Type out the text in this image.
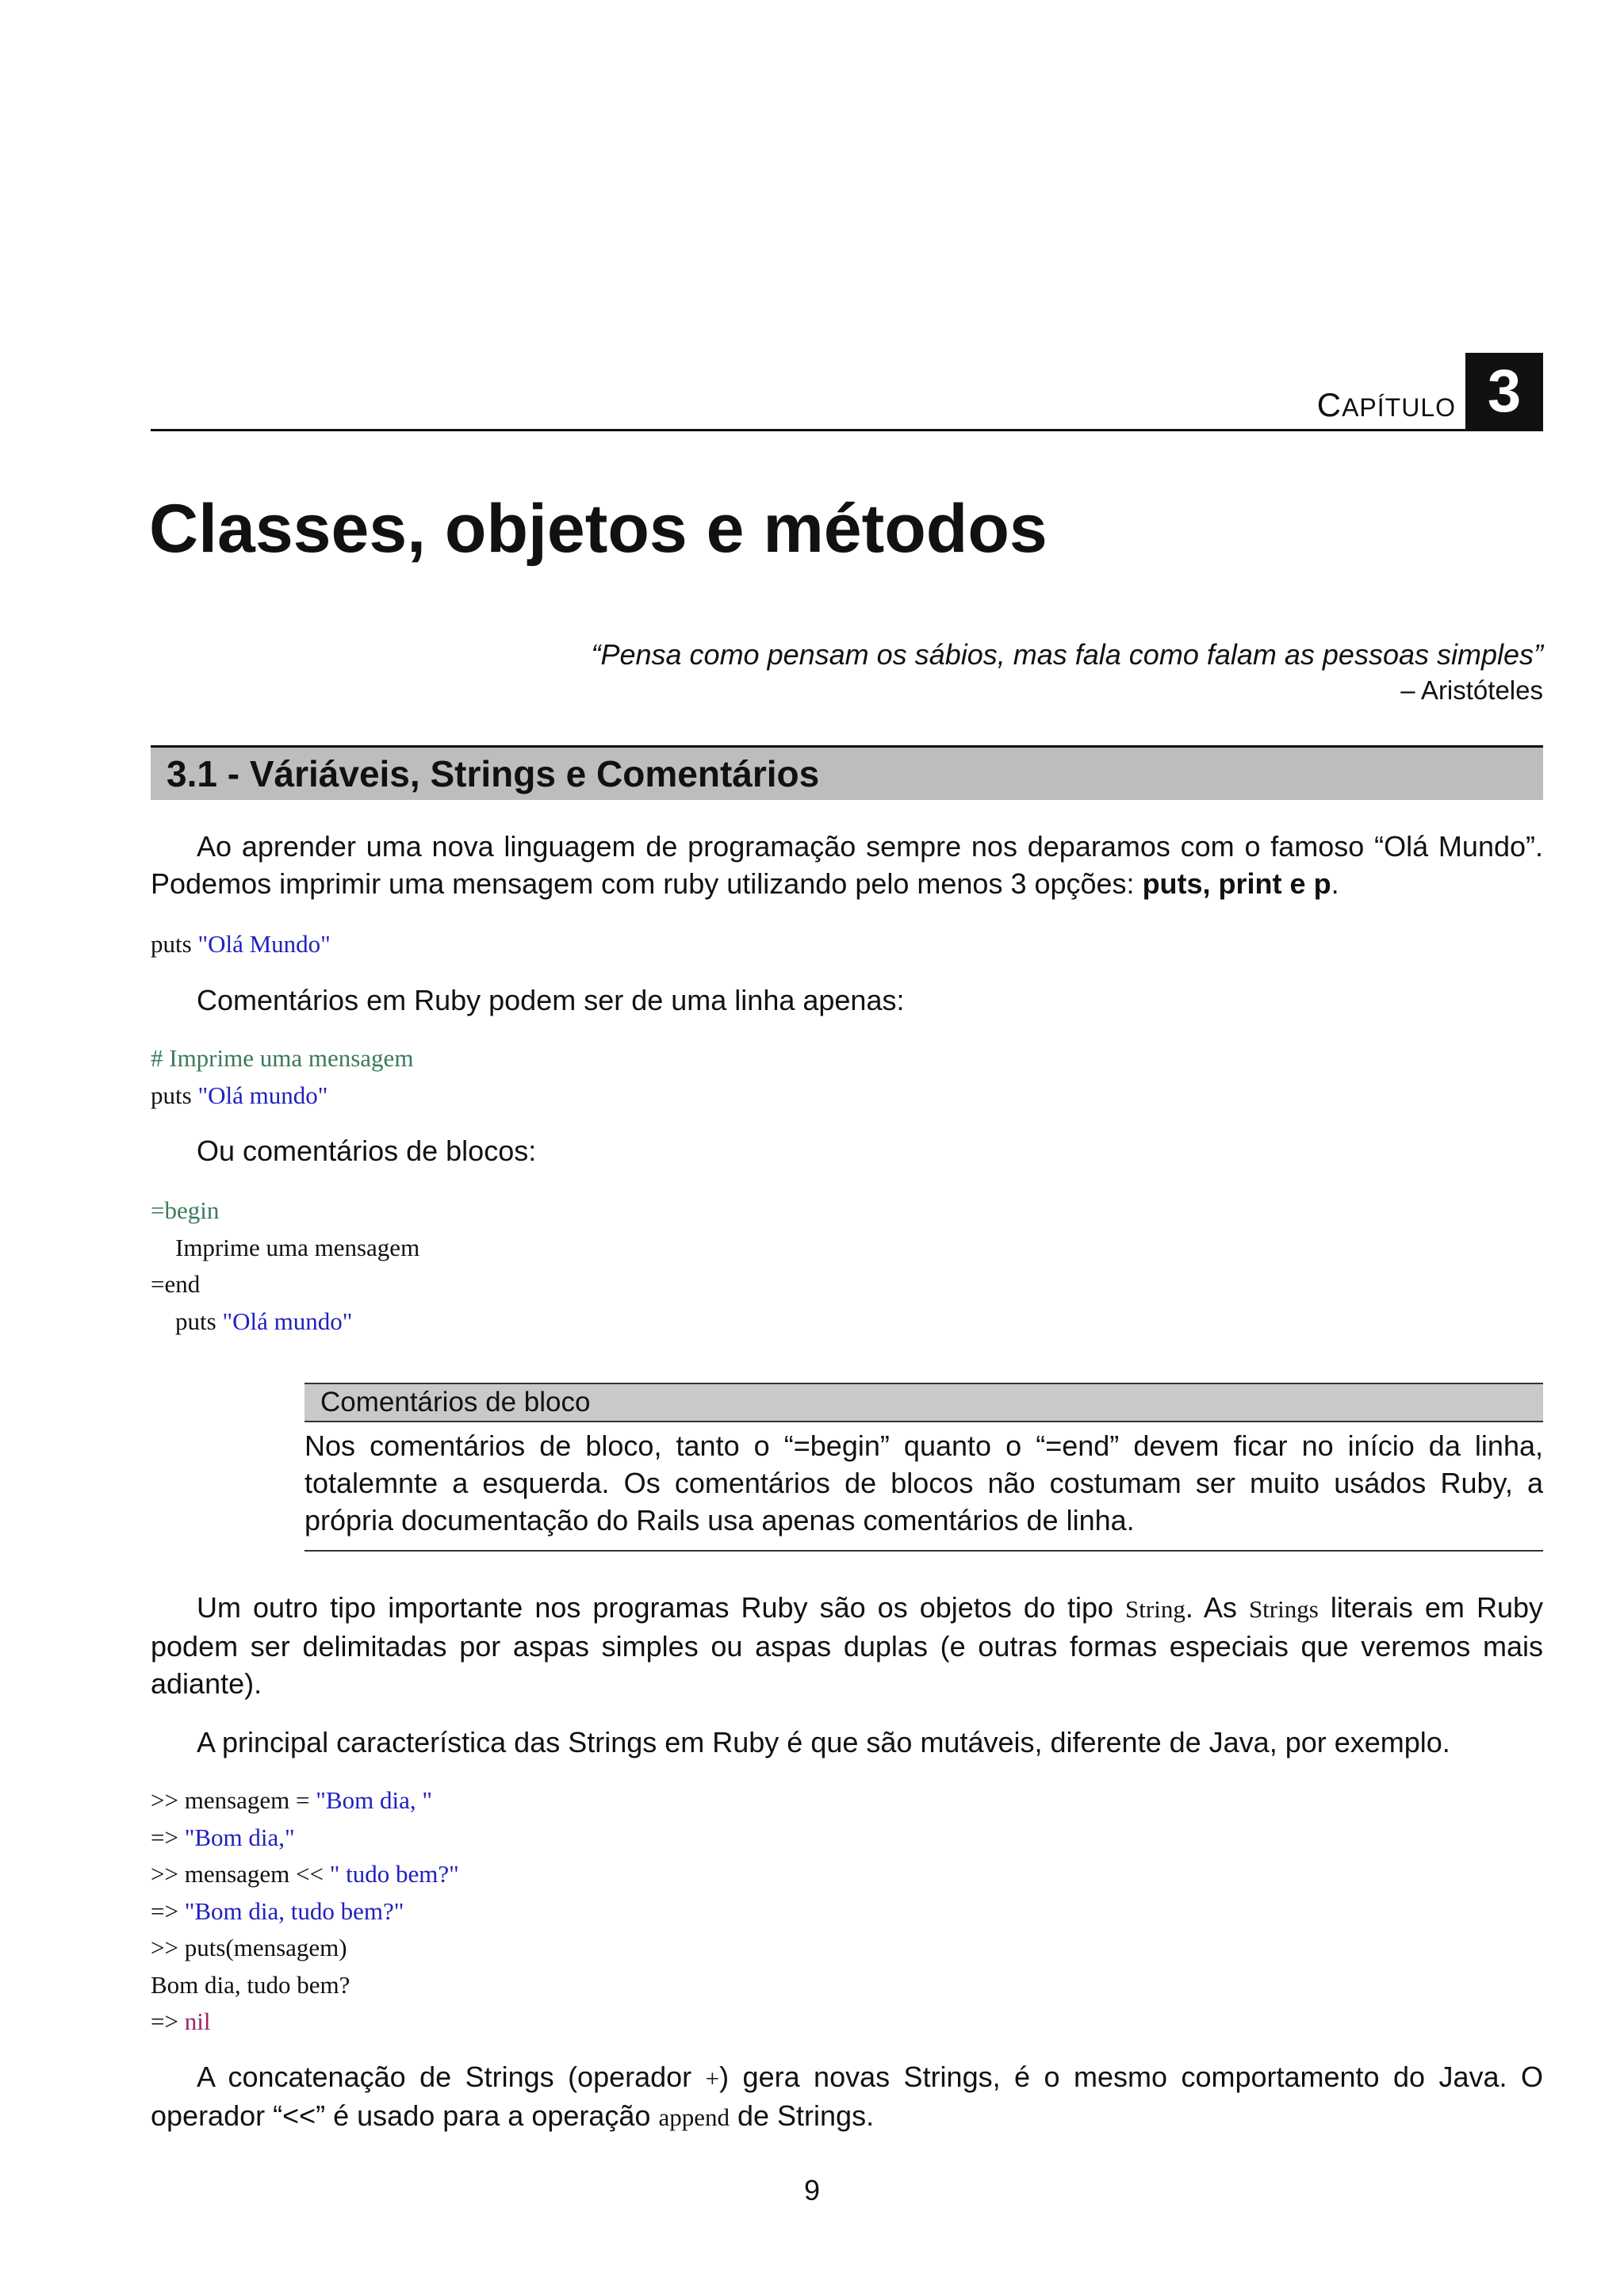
CAPÍTULO 3
Classes, objetos e métodos
“Pensa como pensam os sábios, mas fala como falam as pessoas simples”
– Aristóteles
3.1 - Váriáveis, Strings e Comentários
Ao aprender uma nova linguagem de programação sempre nos deparamos com o famoso “Olá Mundo”. Podemos imprimir uma mensagem com ruby utilizando pelo menos 3 opções: puts, print e p.
puts "Olá Mundo"
Comentários em Ruby podem ser de uma linha apenas:
# Imprime uma mensagem
puts "Olá mundo"
Ou comentários de blocos:
=begin
Imprime uma mensagem
=end
puts "Olá mundo"
Comentários de bloco
Nos comentários de bloco, tanto o “=begin” quanto o “=end” devem ficar no início da linha, totalemnte a esquerda. Os comentários de blocos não costumam ser muito usádos Ruby, a própria documentação do Rails usa apenas comentários de linha.
Um outro tipo importante nos programas Ruby são os objetos do tipo String. As Strings literais em Ruby podem ser delimitadas por aspas simples ou aspas duplas (e outras formas especiais que veremos mais adiante).
A principal característica das Strings em Ruby é que são mutáveis, diferente de Java, por exemplo.
>> mensagem = "Bom dia, "
=> "Bom dia,"
>> mensagem << " tudo bem?"
=> "Bom dia, tudo bem?"
>> puts(mensagem)
Bom dia, tudo bem?
=> nil
A concatenação de Strings (operador +) gera novas Strings, é o mesmo comportamento do Java. O operador “<<” é usado para a operação append de Strings.
9
